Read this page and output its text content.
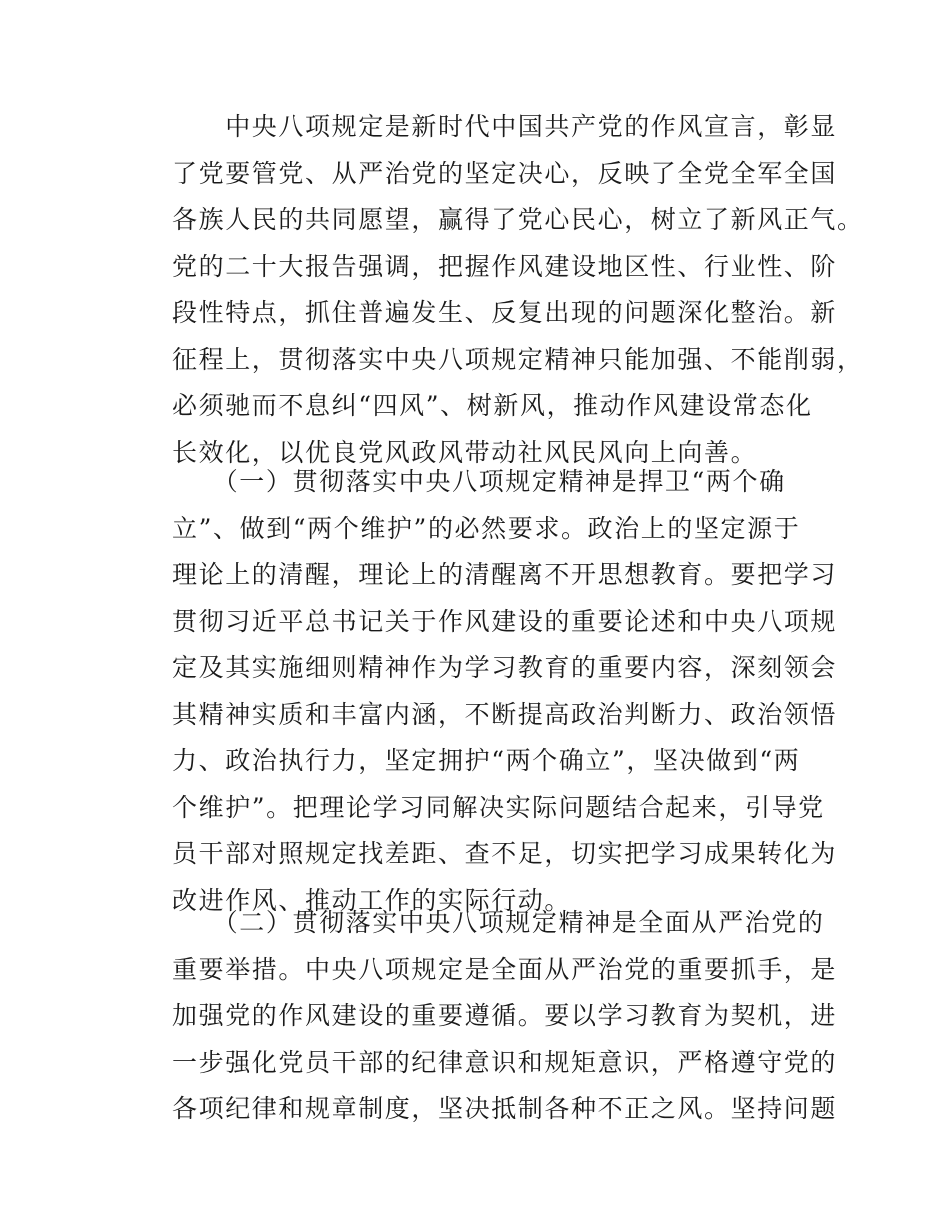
　　中央八项规定是新时代中国共产党的作风宣言，彰显
了党要管党、从严治党的坚定决心，反映了全党全军全国
各族人民的共同愿望，赢得了党心民心，树立了新风正气。
党的二十大报告强调，把握作风建设地区性、行业性、阶
段性特点，抓住普遍发生、反复出现的问题深化整治。新
征程上，贯彻落实中央八项规定精神只能加强、不能削弱，
必须驰而不息纠“四风”、树新风，推动作风建设常态化
长效化，以优良党风政风带动社风民风向上向善。
　　（一）贯彻落实中央八项规定精神是捍卫“两个确
立”、做到“两个维护”的必然要求。政治上的坚定源于
理论上的清醒，理论上的清醒离不开思想教育。要把学习
贯彻习近平总书记关于作风建设的重要论述和中央八项规
定及其实施细则精神作为学习教育的重要内容，深刻领会
其精神实质和丰富内涵，不断提高政治判断力、政治领悟
力、政治执行力，坚定拥护“两个确立”，坚决做到“两
个维护”。把理论学习同解决实际问题结合起来，引导党
员干部对照规定找差距、查不足，切实把学习成果转化为
改进作风、推动工作的实际行动。
　　（二）贯彻落实中央八项规定精神是全面从严治党的
重要举措。中央八项规定是全面从严治党的重要抓手，是
加强党的作风建设的重要遵循。要以学习教育为契机，进
一步强化党员干部的纪律意识和规矩意识，严格遵守党的
各项纪律和规章制度，坚决抵制各种不正之风。坚持问题
